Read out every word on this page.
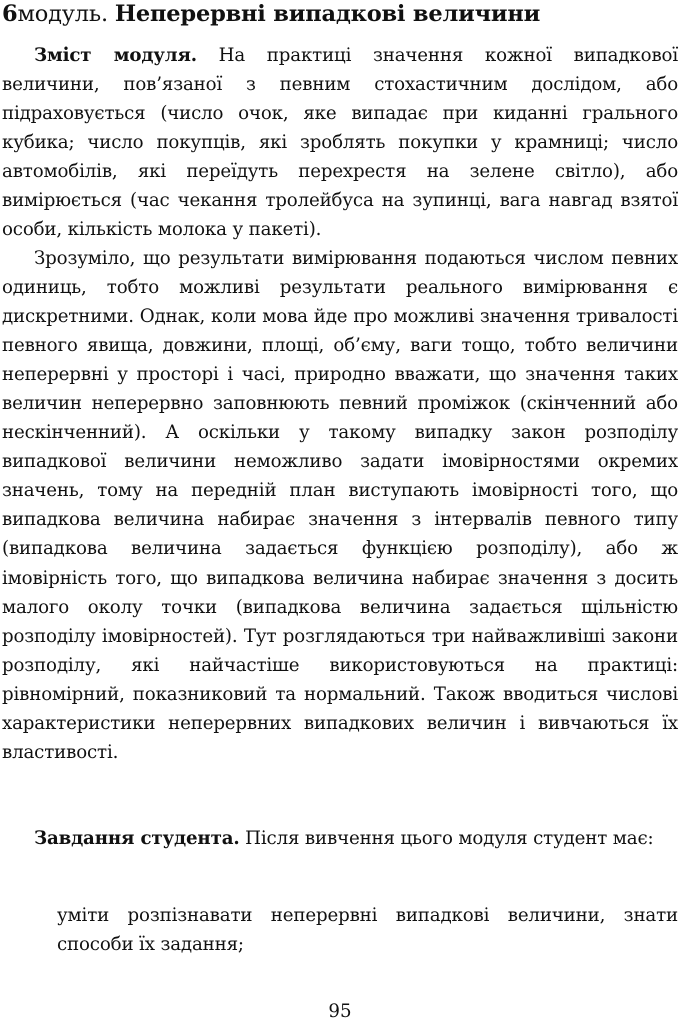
6модуль. Неперервні випадкові величини

Зміст модуля. На практиці значення кожної випадкової величини, пов’язаної з певним стохастичним дослідом, або підраховується (число очок, яке випадає при киданні грального кубика; число покупців, які зроблять покупки у крамниці; число автомобілів, які переїдуть перехрестя на зелене світло), або вимірюється (час чекання тролейбуса на зупинці, вага навгад взятої особи, кількість молока у пакеті).

Зрозуміло, що результати вимірювання подаються числом певних одиниць, тобто можливі результати реального вимірювання є дискретними. Однак, коли мова йде про можливі значення тривалості певного явища, довжини, площі, об’єму, ваги тощо, тобто величини неперервні у просторі і часі, природно вважати, що значення таких величин неперервно заповнюють певний проміжок (скінченний або нескінченний). А оскільки у такому випадку закон розподілу випадкової величини неможливо задати імовірностями окремих значень, тому на передній план виступають імовірності того, що випадкова величина набирає значення з інтервалів певного типу (випадкова величина задається функцією розподілу), або ж імовірність того, що випадкова величина набирає значення з досить малого околу точки (випадкова величина задається щільністю розподілу імовірностей). Тут розглядаються три найважливіші закони розподілу, які найчастіше використовуються на практиці: рівномірний, показниковий та нормальний. Також вводиться числові характеристики неперервних випадкових величин і вивчаються їх властивості.

Завдання студента. Після вивчення цього модуля студент має:

уміти розпізнавати неперервні випадкові величини, знати способи їх задання;

95
